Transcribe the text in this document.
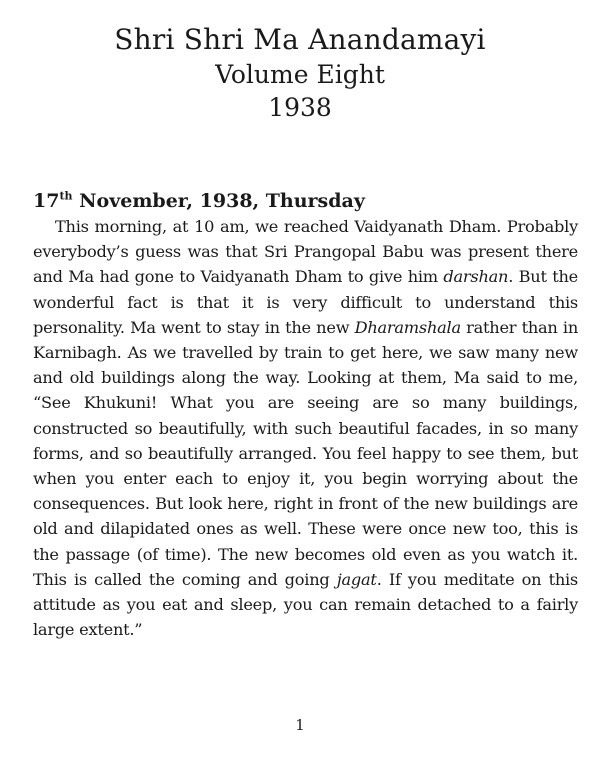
Shri Shri Ma Anandamayi
Volume Eight
1938
17th November, 1938, Thursday

This morning, at 10 am, we reached Vaidyanath Dham. Probably everybody’s guess was that Sri Prangopal Babu was present there and Ma had gone to Vaidyanath Dham to give him darshan. But the wonderful fact is that it is very difficult to understand this personality. Ma went to stay in the new Dharamshala rather than in Karnibagh. As we travelled by train to get here, we saw many new and old buildings along the way. Looking at them, Ma said to me, “See Khukuni! What you are seeing are so many buildings, constructed so beautifully, with such beautiful facades, in so many forms, and so beautifully arranged. You feel happy to see them, but when you enter each to enjoy it, you begin worrying about the consequences. But look here, right in front of the new buildings are old and dilapidated ones as well. These were once new too, this is the passage (of time). The new becomes old even as you watch it. This is called the coming and going jagat. If you meditate on this attitude as you eat and sleep, you can remain detached to a fairly large extent.”

1
